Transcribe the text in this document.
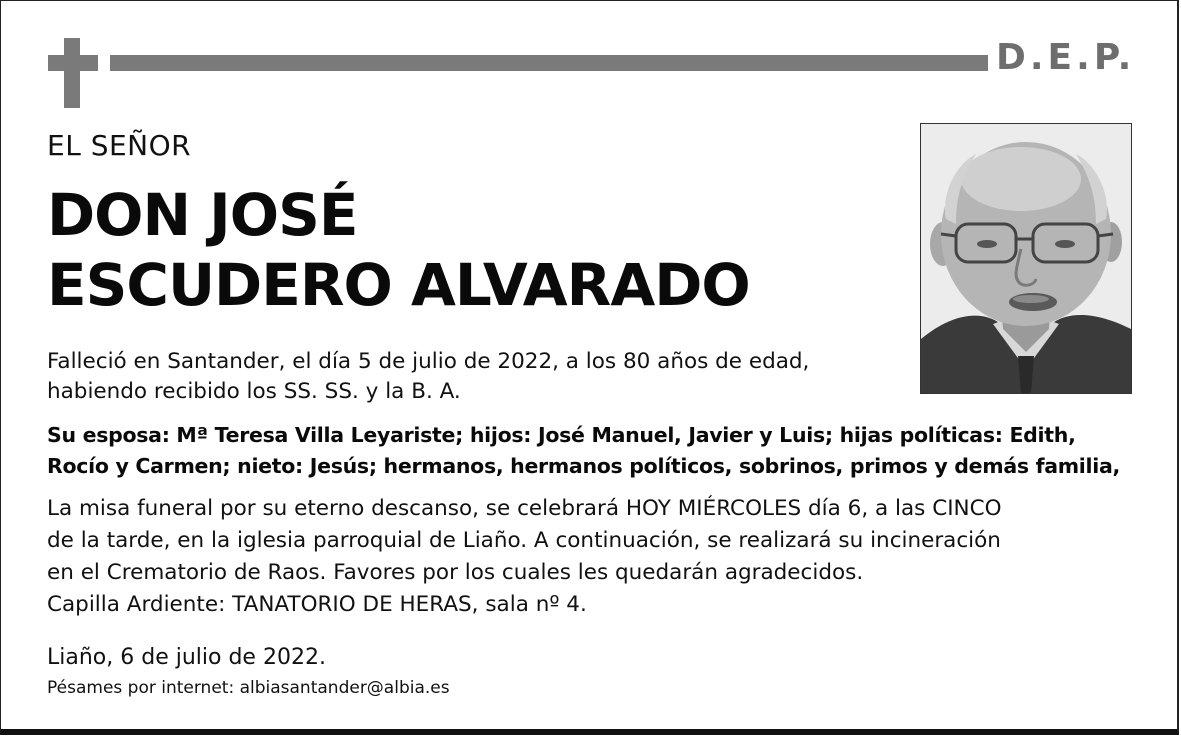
D.E.P.
EL SEÑOR
DON JOSÉ
ESCUDERO ALVARADO
Falleció en Santander, el día 5 de julio de 2022, a los 80 años de edad,
habiendo recibido los SS. SS. y la B. A.
Su esposa: Mª Teresa Villa Leyariste; hijos: José Manuel, Javier y Luis; hijas políticas: Edith,
Rocío y Carmen; nieto: Jesús; hermanos, hermanos políticos, sobrinos, primos y demás familia,
La misa funeral por su eterno descanso, se celebrará HOY MIÉRCOLES día 6, a las CINCO
de la tarde, en la iglesia parroquial de Liaño. A continuación, se realizará su incineración
en el Crematorio de Raos. Favores por los cuales les quedarán agradecidos.
Capilla Ardiente: TANATORIO DE HERAS, sala nº 4.
Liaño, 6 de julio de 2022.
Pésames por internet: albiasantander@albia.es
